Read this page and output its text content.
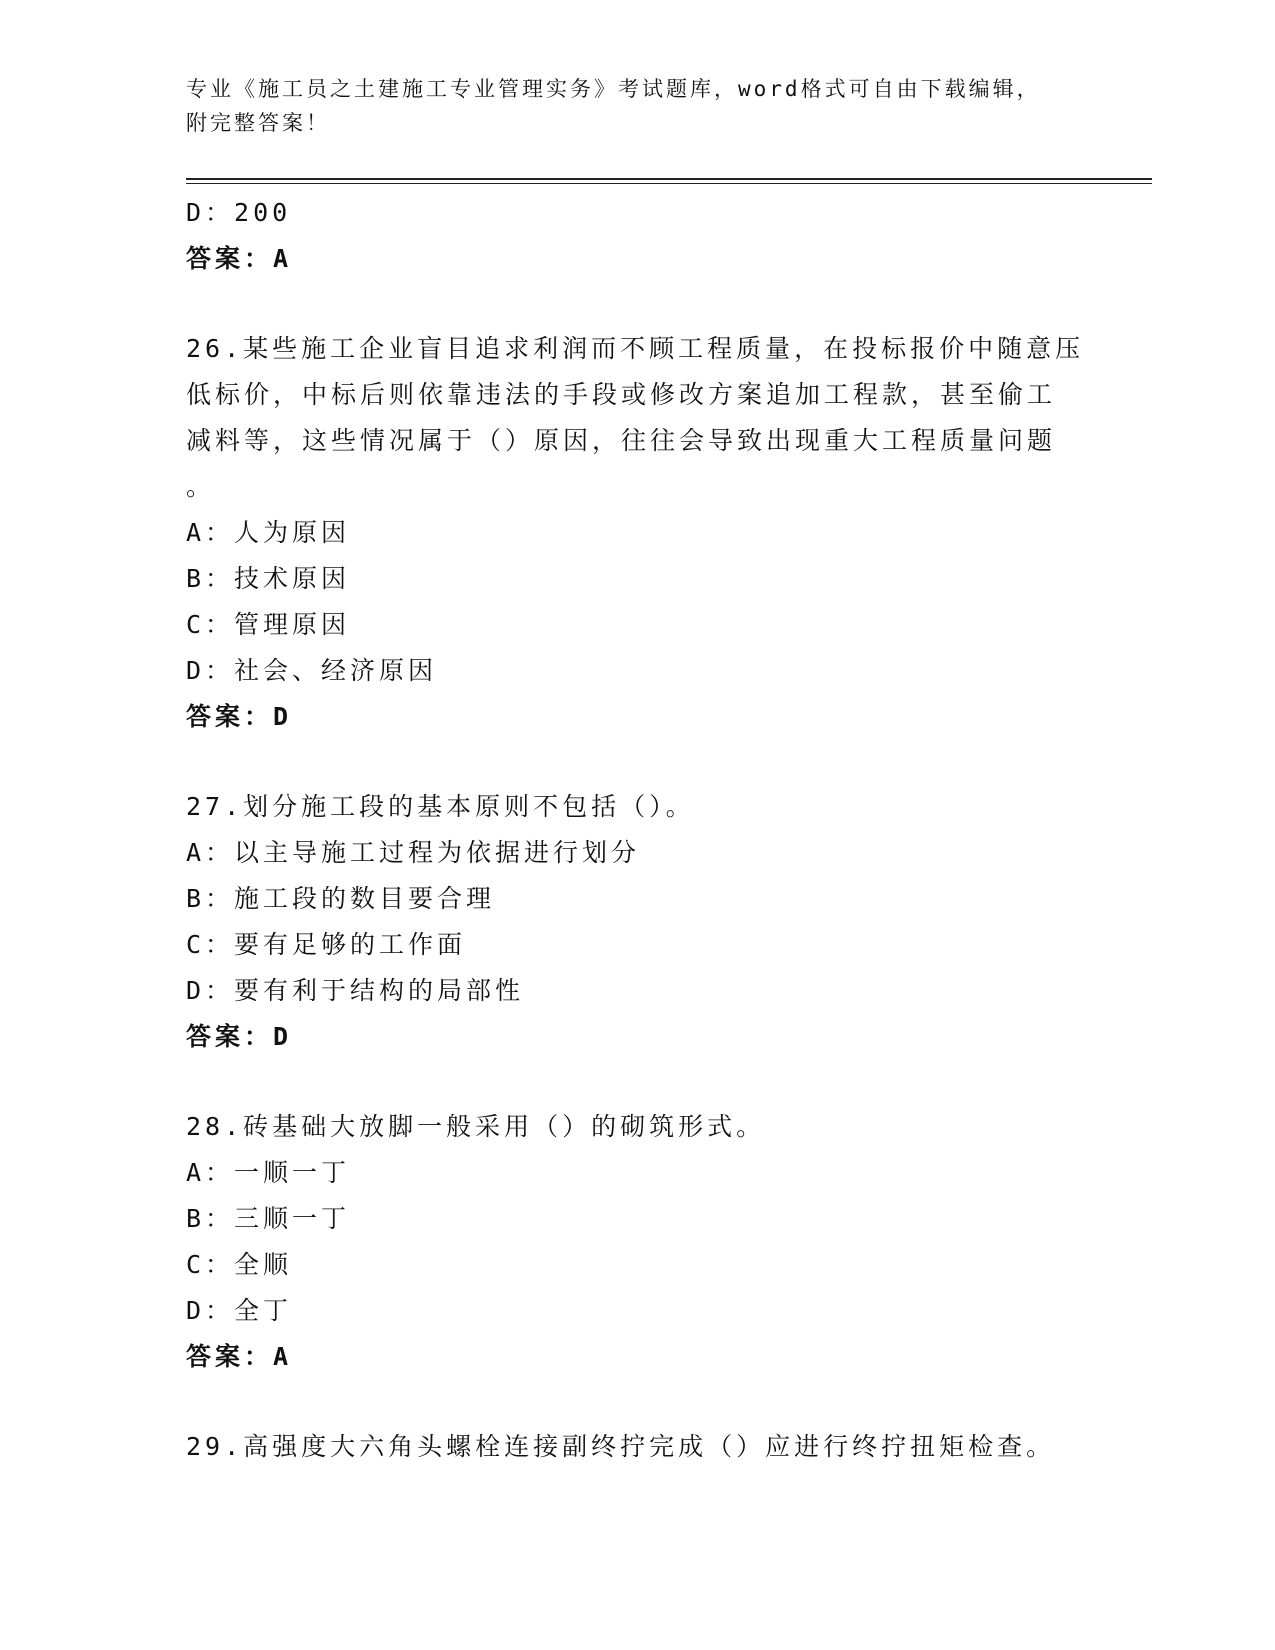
专业《施工员之土建施工专业管理实务》考试题库，word格式可自由下载编辑，
附完整答案！
D：200
答案：A
26.某些施工企业盲目追求利润而不顾工程质量，在投标报价中随意压
低标价，中标后则依靠违法的手段或修改方案追加工程款，甚至偷工
减料等，这些情况属于（）原因，往往会导致出现重大工程质量问题
。
A：人为原因
B：技术原因
C：管理原因
D：社会、经济原因
答案：D
27.划分施工段的基本原则不包括（）。
A：以主导施工过程为依据进行划分
B：施工段的数目要合理
C：要有足够的工作面
D：要有利于结构的局部性
答案：D
28.砖基础大放脚一般采用（）的砌筑形式。
A：一顺一丁
B：三顺一丁
C：全顺
D：全丁
答案：A
29.高强度大六角头螺栓连接副终拧完成（）应进行终拧扭矩检查。
